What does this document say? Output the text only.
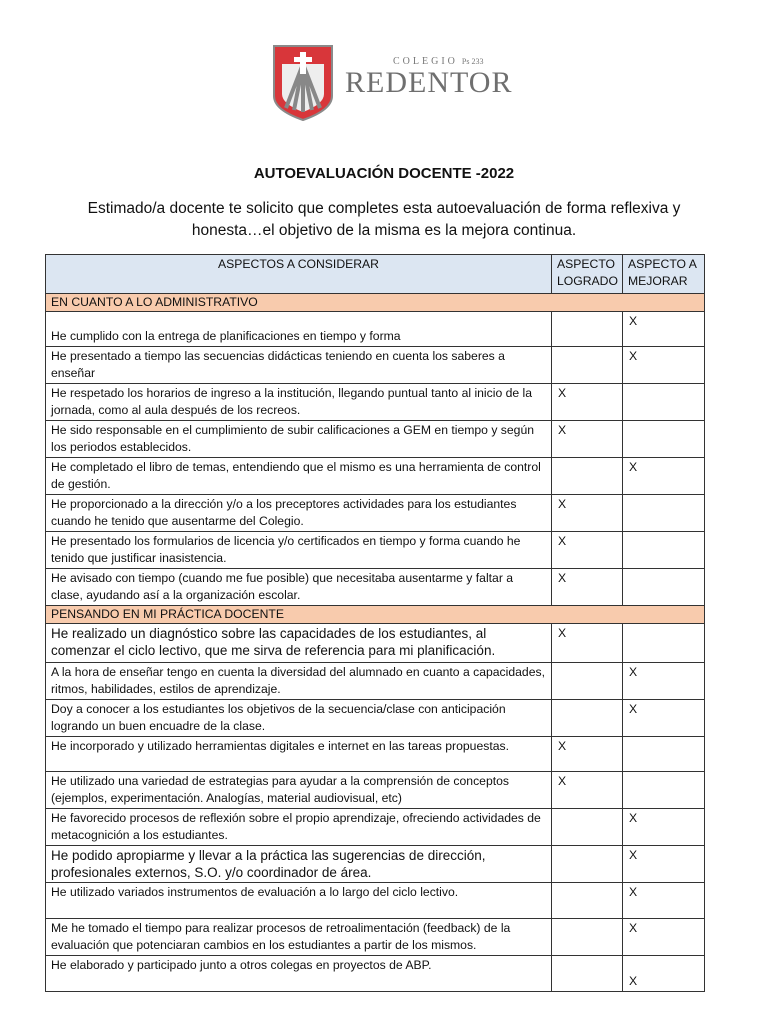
COLEGIO Ps 233
REDENTOR
AUTOEVALUACIÓN DOCENTE -2022
Estimado/a docente te solicito que completes esta autoevaluación de forma reflexiva y honesta…el objetivo de la misma es la mejora continua.
ASPECTOS A CONSIDERAR	ASPECTO LOGRADO	ASPECTO A MEJORAR
EN CUANTO A LO ADMINISTRATIVO		
He cumplido con la entrega de planificaciones en tiempo y forma		X
He presentado a tiempo las secuencias didácticas teniendo en cuenta los saberes a enseñar		X
He respetado los horarios de ingreso a la institución, llegando puntual tanto al inicio de la jornada, como al aula después de los recreos.	X	
He sido responsable en el cumplimiento de subir calificaciones a GEM en tiempo y según los periodos establecidos.	X	
He completado el libro de temas, entendiendo que el mismo es una herramienta de control de gestión.		X
He proporcionado a la dirección y/o a los preceptores actividades para los estudiantes cuando he tenido que ausentarme del Colegio.	X	
He presentado los formularios de licencia y/o certificados en tiempo y forma cuando he tenido que justificar inasistencia.	X	
He avisado con tiempo (cuando me fue posible) que necesitaba ausentarme y faltar a clase, ayudando así a la organización escolar.	X	
PENSANDO EN MI PRÁCTICA DOCENTE		
He realizado un diagnóstico sobre las capacidades de los estudiantes, al comenzar el ciclo lectivo, que me sirva de referencia para mi planificación.	X	
A la hora de enseñar tengo en cuenta la diversidad del alumnado en cuanto a capacidades, ritmos, habilidades, estilos de aprendizaje.		X
Doy a conocer a los estudiantes los objetivos de la secuencia/clase con anticipación logrando un buen encuadre de la clase.		X
He incorporado y utilizado herramientas digitales e internet en las tareas propuestas.	X	
He utilizado una variedad de estrategias para ayudar a la comprensión de conceptos (ejemplos, experimentación. Analogías, material audiovisual, etc)	X	
He favorecido procesos de reflexión sobre el propio aprendizaje, ofreciendo actividades de metacognición a los estudiantes.		X
He podido apropiarme y llevar a la práctica las sugerencias de dirección, profesionales externos, S.O. y/o coordinador de área.		X
He utilizado variados instrumentos de evaluación a lo largo del ciclo lectivo.		X
Me he tomado el tiempo para realizar procesos de retroalimentación (feedback) de la evaluación que potenciaran cambios en los estudiantes a partir de los mismos.		X
He elaborado y participado junto a otros colegas en proyectos de ABP.		X
